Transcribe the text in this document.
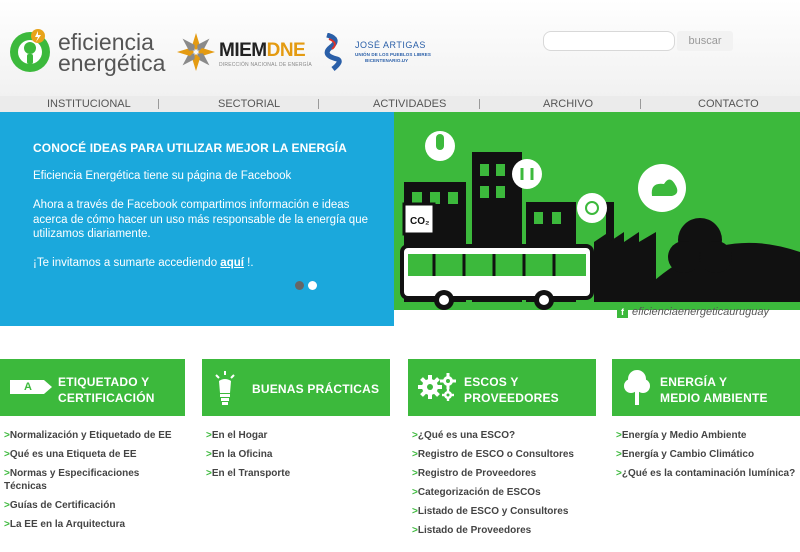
eficiencia
energética	MIEMDNE
DIRECCIÓN NACIONAL DE ENERGÍA
JOSÉ ARTIGAS
UNIÓN DE LOS PUEBLOS LIBRES
BICENTENARIO.UY
buscar
INSTITUCIONAL	SECTORIAL	ACTIVIDADES	ARCHIVO	CONTACTO
CONOCÉ IDEAS PARA UTILIZAR MEJOR LA ENERGÍA
Eficiencia Energética tiene su página de Facebook
Ahora a través de Facebook compartimos información e ideas acerca de cómo hacer un uso más responsable de la energía que utilizamos diariamente.
¡Te invitamos a sumarte accediendo aquí !.
CO₂
f eficienciaenergeticauruguay
A ETIQUETADO Y
CERTIFICACIÓN
>Normalización y Etiquetado de EE
>Qué es una Etiqueta de EE
>Normas y Especificaciones Técnicas
>Guías de Certificación
>La EE en la Arquitectura
BUENAS PRÁCTICAS
>En el Hogar
>En la Oficina
>En el Transporte
ESCOS Y
PROVEEDORES
>¿Qué es una ESCO?
>Registro de ESCO o Consultores
>Registro de Proveedores
>Categorización de ESCOs
>Listado de ESCO y Consultores
>Listado de Proveedores
ENERGÍA Y
MEDIO AMBIENTE
>Energía y Medio Ambiente
>Energía y Cambio Climático
>¿Qué es la contaminación lumínica?
